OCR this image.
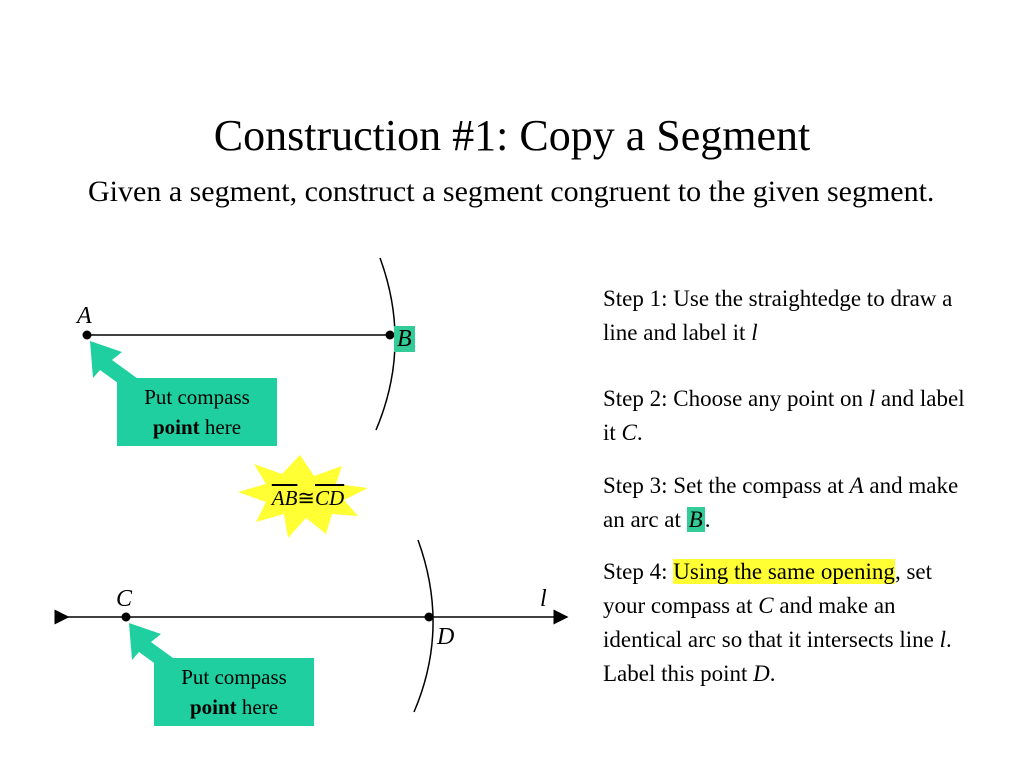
Construction #1: Copy a Segment
Given a segment, construct a segment congruent to the given segment.
A
B
C
D
l
Put compass
point here
Put compass
point here
$\overline{AB}≅\overline{CD}$
Step 1: Use the straightedge to draw a line and label it l
Step 2: Choose any point on l and label it C.
Step 3: Set the compass at A and make an arc at B.
Step 4: Using the same opening, set your compass at C and make an identical arc so that it intersects line l. Label this point D.
